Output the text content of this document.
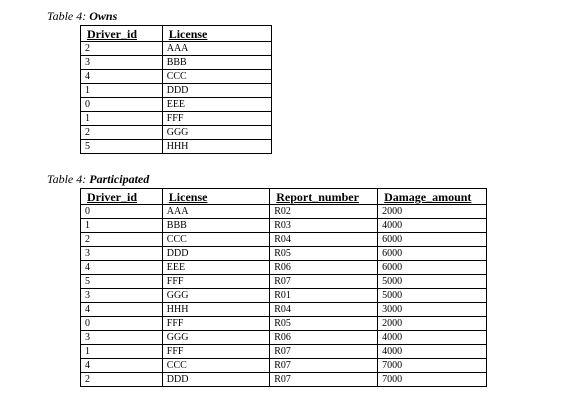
Table 4: Owns
Driver_id	License
2	AAA
3	BBB
4	CCC
1	DDD
0	EEE
1	FFF
2	GGG
5	HHH
Table 4: Participated
Driver_id	License	Report_number	Damage_amount
0	AAA	R02	2000
1	BBB	R03	4000
2	CCC	R04	6000
3	DDD	R05	6000
4	EEE	R06	6000
5	FFF	R07	5000
3	GGG	R01	5000
4	HHH	R04	3000
0	FFF	R05	2000
3	GGG	R06	4000
1	FFF	R07	4000
4	CCC	R07	7000
2	DDD	R07	7000
